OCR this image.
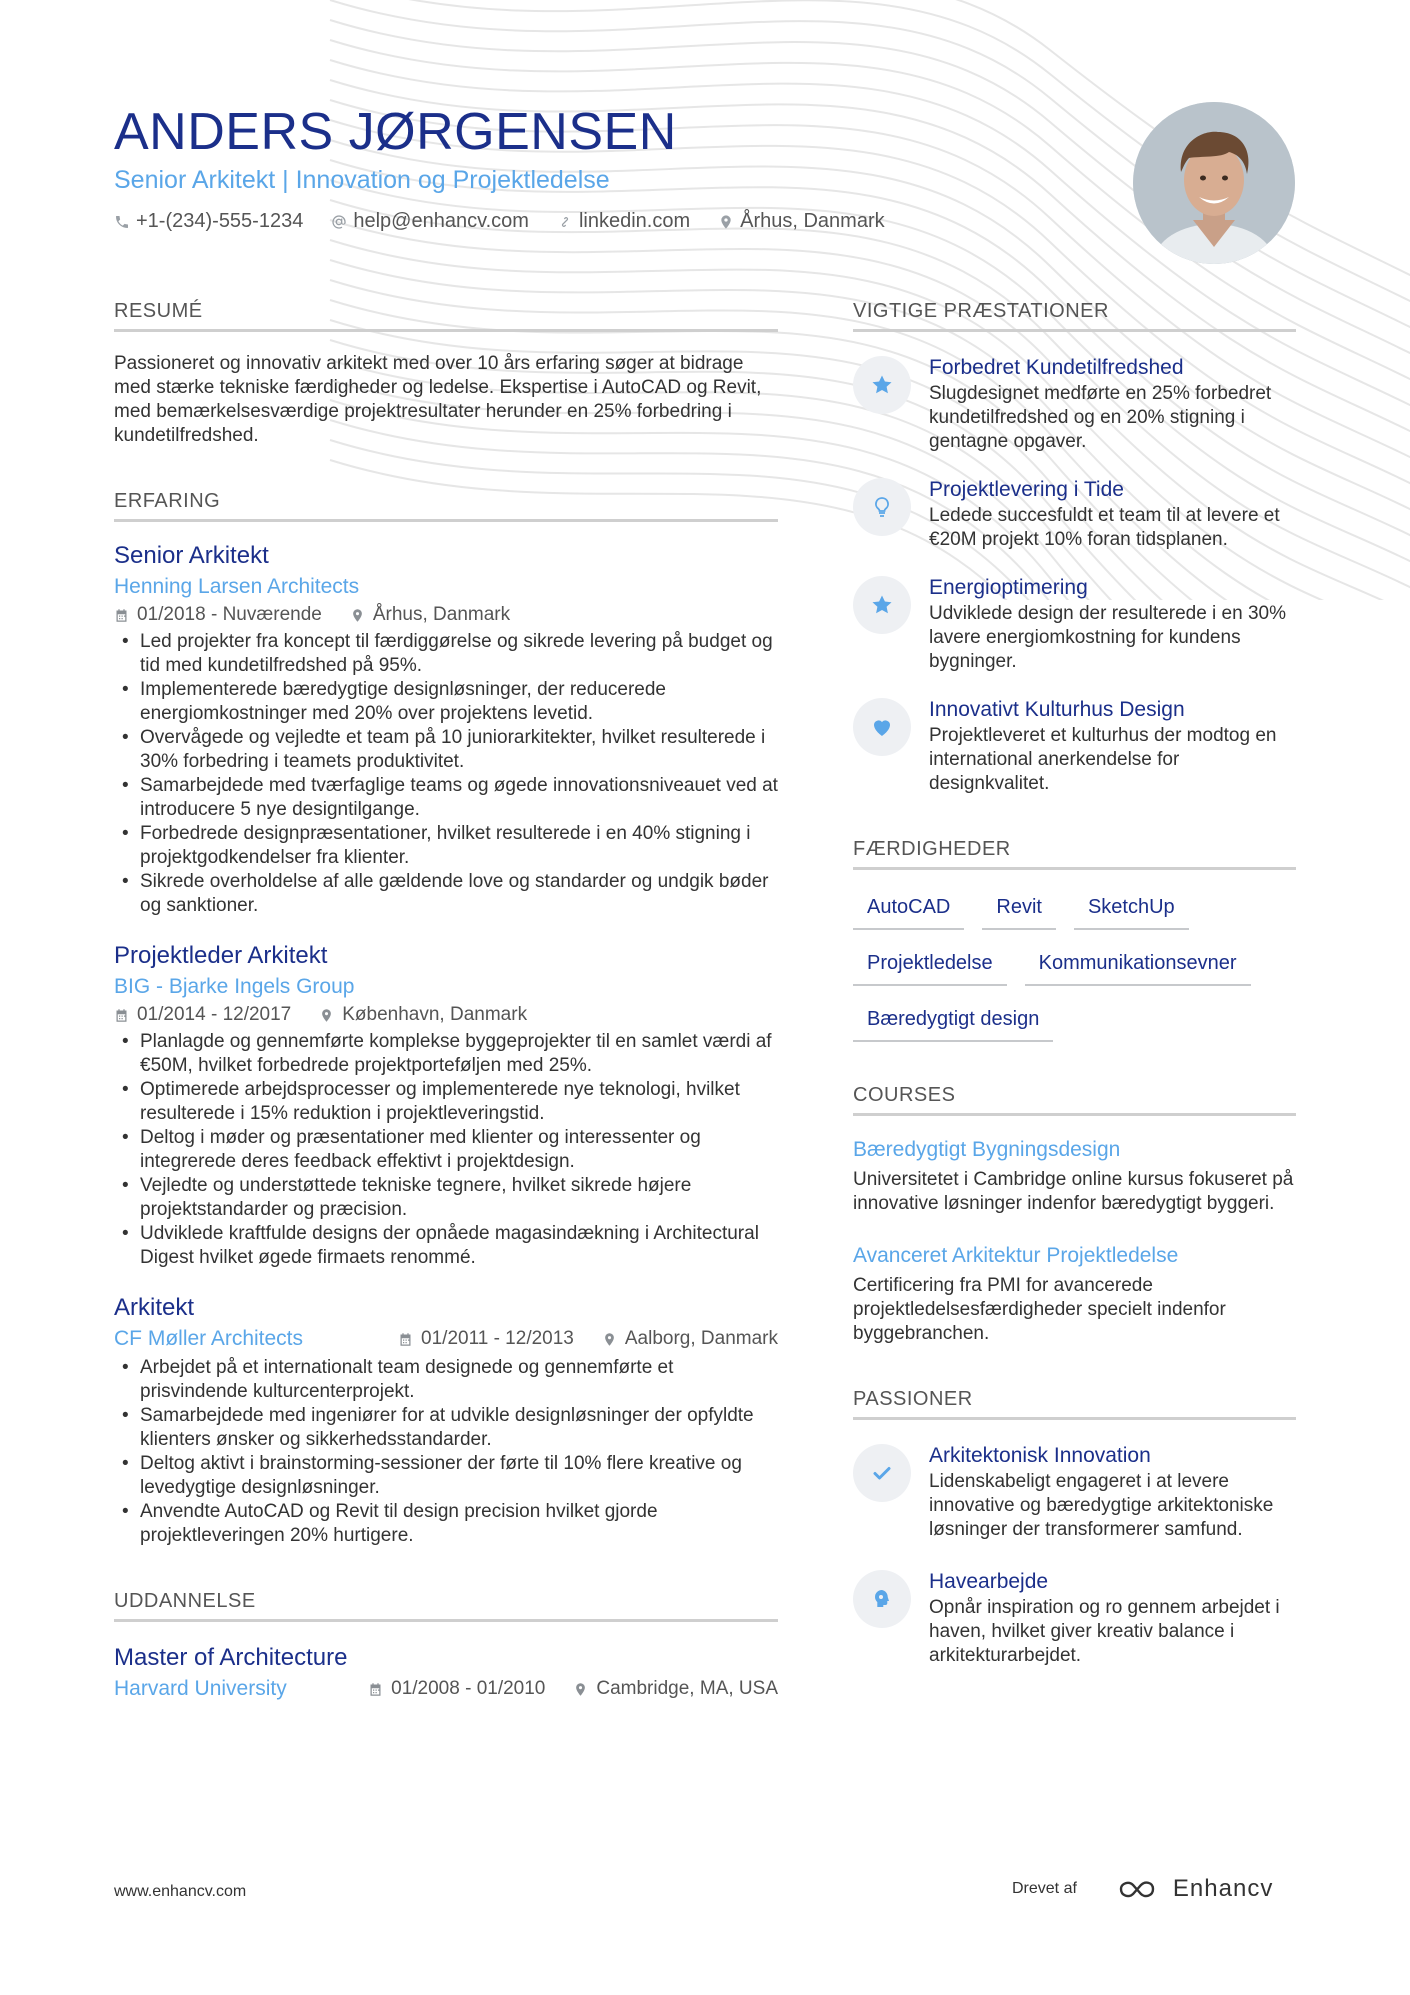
ANDERS JØRGENSEN
Senior Arkitekt | Innovation og Projektledelse
+1-(234)-555-1234	help@enhancv.com	linkedin.com	Århus, Danmark
RESUMÉ

Passioneret og innovativ arkitekt med over 10 års erfaring søger at bidrage med stærke tekniske færdigheder og ledelse. Ekspertise i AutoCAD og Revit, med bemærkelsesværdige projektresultater herunder en 25% forbedring i kundetilfredshed.

ERFARING
Senior Arkitekt
Henning Larsen Architects
01/2018 - Nuværende	Århus, Danmark
• Led projekter fra koncept til færdiggørelse og sikrede levering på budget og tid med kundetilfredshed på 95%.
• Implementerede bæredygtige designløsninger, der reducerede energiomkostninger med 20% over projektens levetid.
• Overvågede og vejledte et team på 10 juniorarkitekter, hvilket resulterede i 30% forbedring i teamets produktivitet.
• Samarbejdede med tværfaglige teams og øgede innovationsniveauet ved at introducere 5 nye designtilgange.
• Forbedrede designpræsentationer, hvilket resulterede i en 40% stigning i projektgodkendelser fra klienter.
• Sikrede overholdelse af alle gældende love og standarder og undgik bøder og sanktioner.
Projektleder Arkitekt
BIG - Bjarke Ingels Group
01/2014 - 12/2017	København, Danmark
• Planlagde og gennemførte komplekse byggeprojekter til en samlet værdi af €50M, hvilket forbedrede projektporteføljen med 25%.
• Optimerede arbejdsprocesser og implementerede nye teknologi, hvilket resulterede i 15% reduktion i projektleveringstid.
• Deltog i møder og præsentationer med klienter og interessenter og integrerede deres feedback effektivt i projektdesign.
• Vejledte og understøttede tekniske tegnere, hvilket sikrede højere projektstandarder og præcision.
• Udviklede kraftfulde designs der opnåede magasindækning i Architectural Digest hvilket øgede firmaets renommé.
Arkitekt
CF Møller Architects	01/2011 - 12/2013	Aalborg, Danmark
• Arbejdet på et internationalt team designede og gennemførte et prisvindende kulturcenterprojekt.
• Samarbejdede med ingeniører for at udvikle designløsninger der opfyldte klienters ønsker og sikkerhedsstandarder.
• Deltog aktivt i brainstorming-sessioner der førte til 10% flere kreative og levedygtige designløsninger.
• Anvendte AutoCAD og Revit til design precision hvilket gjorde projektleveringen 20% hurtigere.
UDDANNELSE
Master of Architecture
Harvard University	01/2008 - 01/2010	Cambridge, MA, USA
VIGTIGE PRÆSTATIONER
Forbedret Kundetilfredshed
Slugdesignet medførte en 25% forbedret kundetilfredshed og en 20% stigning i gentagne opgaver.
Projektlevering i Tide
Ledede succesfuldt et team til at levere et €20M projekt 10% foran tidsplanen.
Energioptimering
Udviklede design der resulterede i en 30% lavere energiomkostning for kundens bygninger.
Innovativt Kulturhus Design
Projektleveret et kulturhus der modtog en international anerkendelse for designkvalitet.
FÆRDIGHEDER
AutoCAD	Revit	SketchUp
Projektledelse	Kommunikationsevner
Bæredygtigt design
COURSES
Bæredygtigt Bygningsdesign
Universitetet i Cambridge online kursus fokuseret på innovative løsninger indenfor bæredygtigt byggeri.
Avanceret Arkitektur Projektledelse
Certificering fra PMI for avancerede projektledelsesfærdigheder specielt indenfor byggebranchen.
PASSIONER
Arkitektonisk Innovation
Lidenskabeligt engageret i at levere innovative og bæredygtige arkitektoniske løsninger der transformerer samfund.
Havearbejde
Opnår inspiration og ro gennem arbejdet i haven, hvilket giver kreativ balance i arkitekturarbejdet.
www.enhancv.com	Drevet af	Enhancv
